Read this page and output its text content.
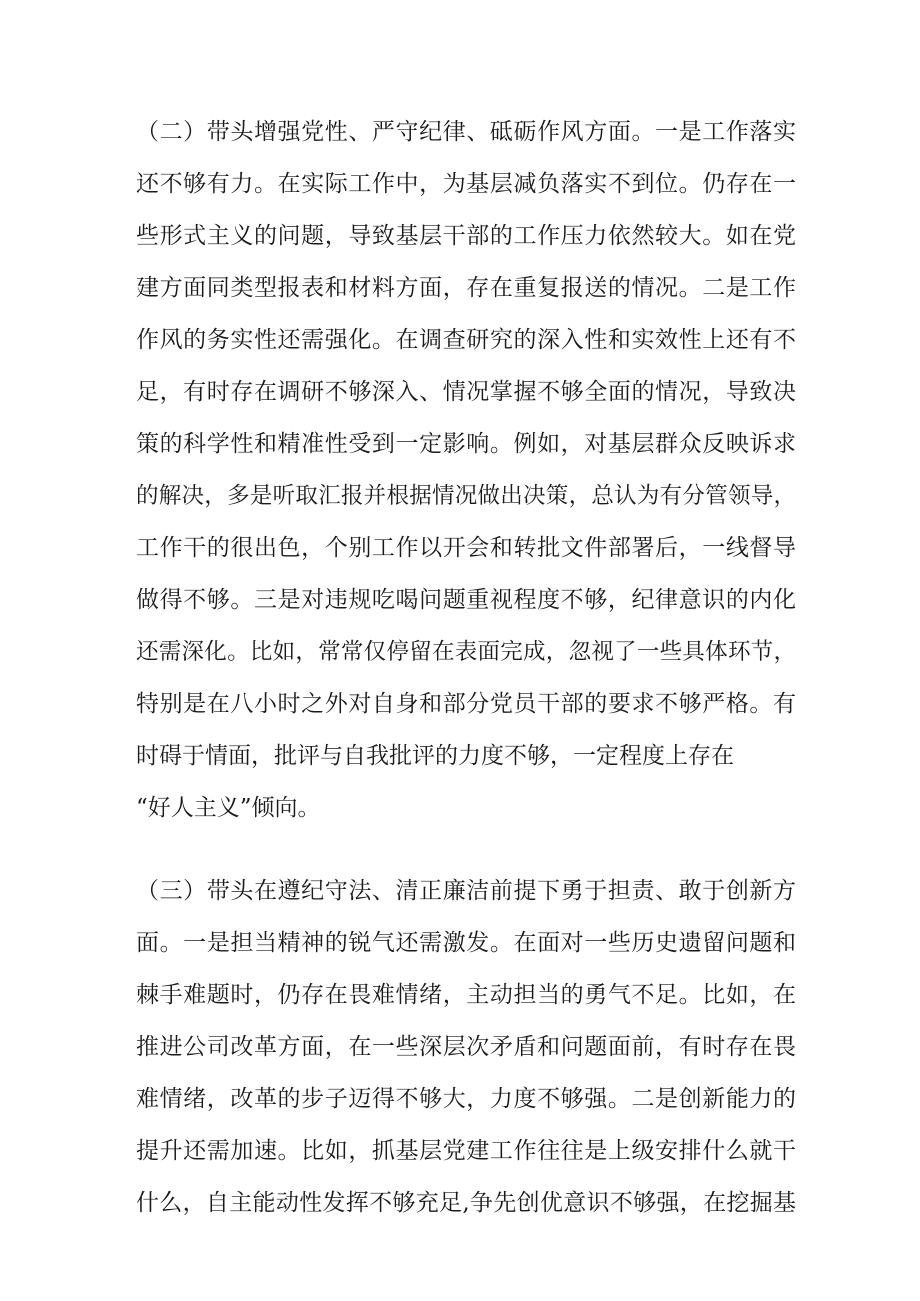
（二）带头增强党性、严守纪律、砥砺作风方面。一是工作落实
还不够有力。在实际工作中，为基层减负落实不到位。仍存在一
些形式主义的问题，导致基层干部的工作压力依然较大。如在党
建方面同类型报表和材料方面，存在重复报送的情况。二是工作
作风的务实性还需强化。在调查研究的深入性和实效性上还有不
足，有时存在调研不够深入、情况掌握不够全面的情况，导致决
策的科学性和精准性受到一定影响。例如，对基层群众反映诉求
的解决，多是听取汇报并根据情况做出决策，总认为有分管领导，
工作干的很出色，个别工作以开会和转批文件部署后，一线督导
做得不够。三是对违规吃喝问题重视程度不够，纪律意识的内化
还需深化。比如，常常仅停留在表面完成，忽视了一些具体环节，
特别是在八小时之外对自身和部分党员干部的要求不够严格。有
时碍于情面，批评与自我批评的力度不够，一定程度上存在
“好人主义”倾向。
（三）带头在遵纪守法、清正廉洁前提下勇于担责、敢于创新方
面。一是担当精神的锐气还需激发。在面对一些历史遗留问题和
棘手难题时，仍存在畏难情绪，主动担当的勇气不足。比如，在
推进公司改革方面，在一些深层次矛盾和问题面前，有时存在畏
难情绪，改革的步子迈得不够大，力度不够强。二是创新能力的
提升还需加速。比如，抓基层党建工作往往是上级安排什么就干
什么，自主能动性发挥不够充足,争先创优意识不够强，在挖掘基
